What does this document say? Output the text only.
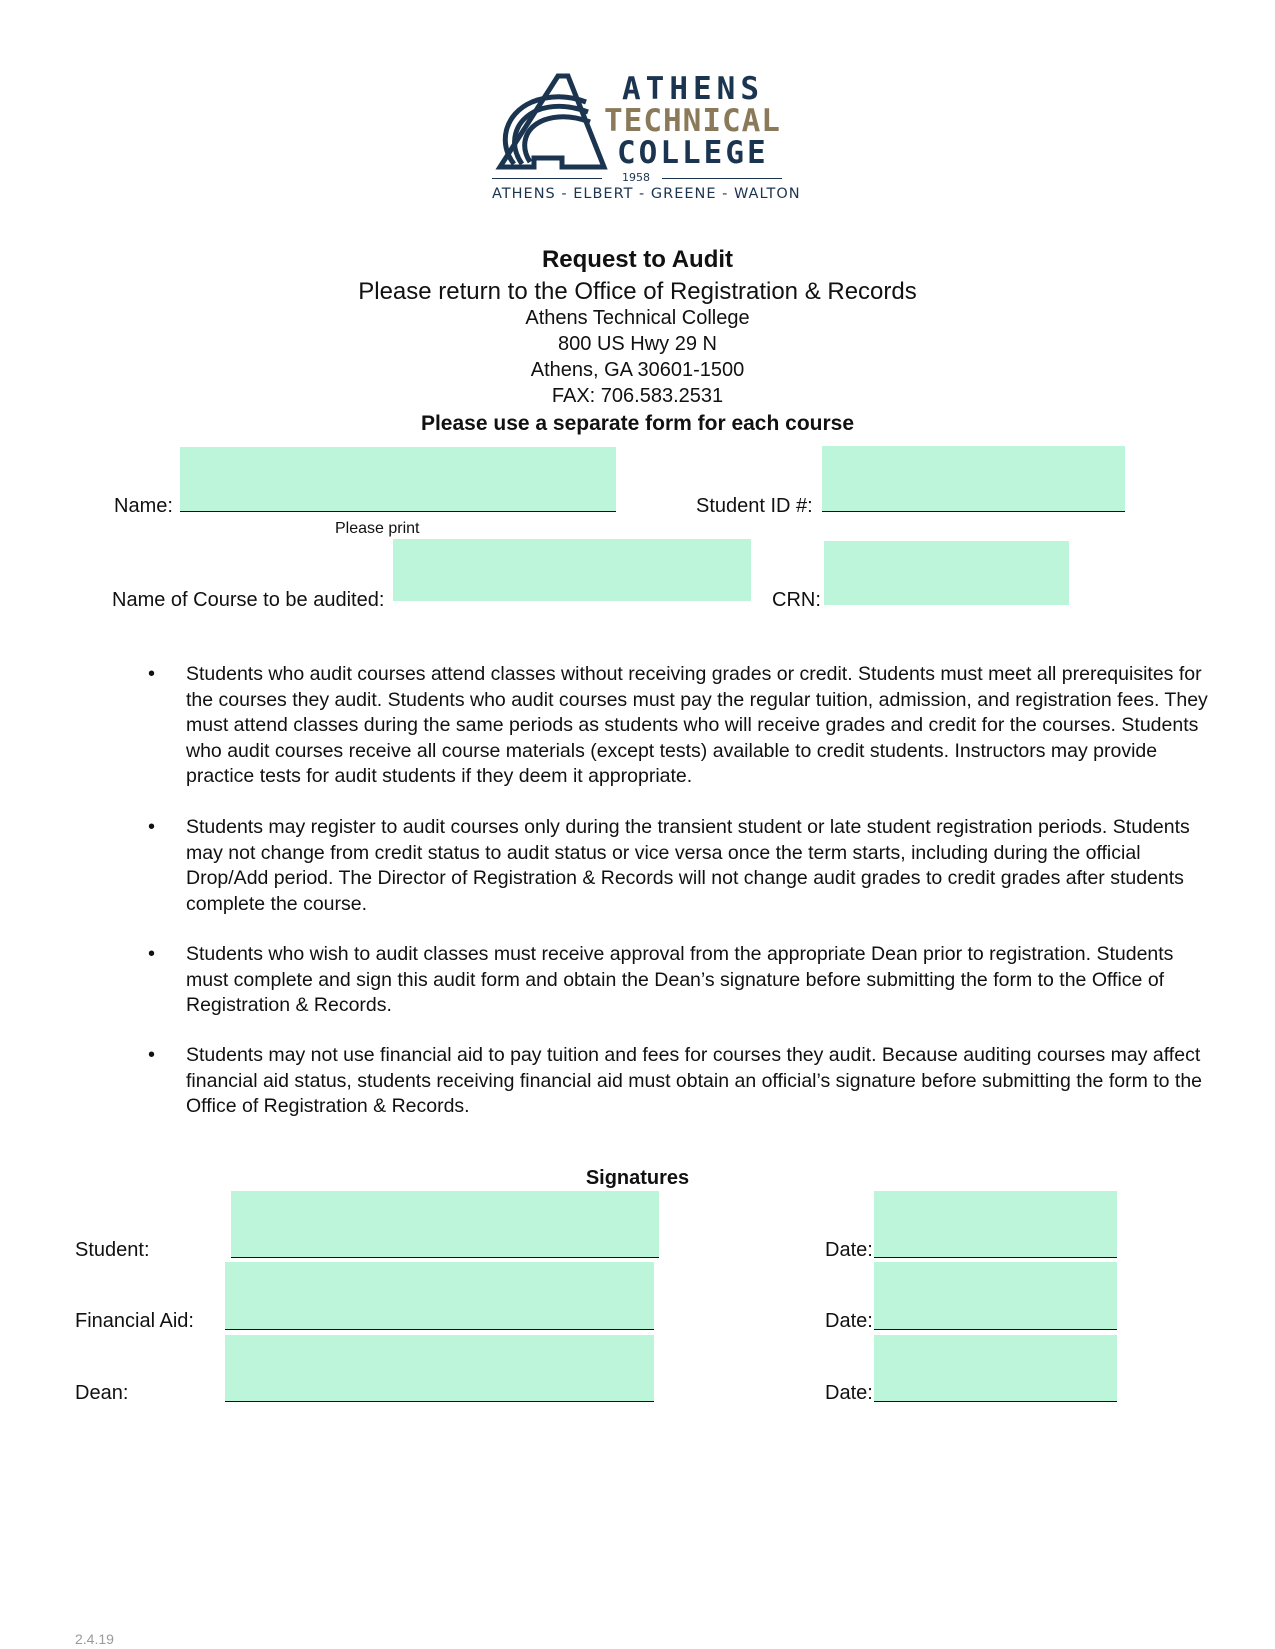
ATHENS
TECHNICAL
COLLEGE
1958
ATHENS - ELBERT - GREENE - WALTON
Request to Audit
Please return to the Office of Registration & Records
Athens Technical College
800 US Hwy 29 N
Athens, GA 30601-1500
FAX: 706.583.2531
Please use a separate form for each course
Name:
Please print
Student ID #:
Name of Course to be audited:	CRN:
• Students who audit courses attend classes without receiving grades or credit. Students must meet all prerequisites for the courses they audit. Students who audit courses must pay the regular tuition, admission, and registration fees. They must attend classes during the same periods as students who will receive grades and credit for the courses. Students who audit courses receive all course materials (except tests) available to credit students. Instructors may provide practice tests for audit students if they deem it appropriate.
• Students may register to audit courses only during the transient student or late student registration periods. Students may not change from credit status to audit status or vice versa once the term starts, including during the official Drop/Add period. The Director of Registration & Records will not change audit grades to credit grades after students complete the course.
• Students who wish to audit classes must receive approval from the appropriate Dean prior to registration. Students must complete and sign this audit form and obtain the Dean’s signature before submitting the form to the Office of Registration & Records.
• Students may not use financial aid to pay tuition and fees for courses they audit. Because auditing courses may affect financial aid status, students receiving financial aid must obtain an official’s signature before submitting the form to the Office of Registration & Records.
Signatures
Student:	Date:
Financial Aid:	Date:
Dean:	Date:
2.4.19
